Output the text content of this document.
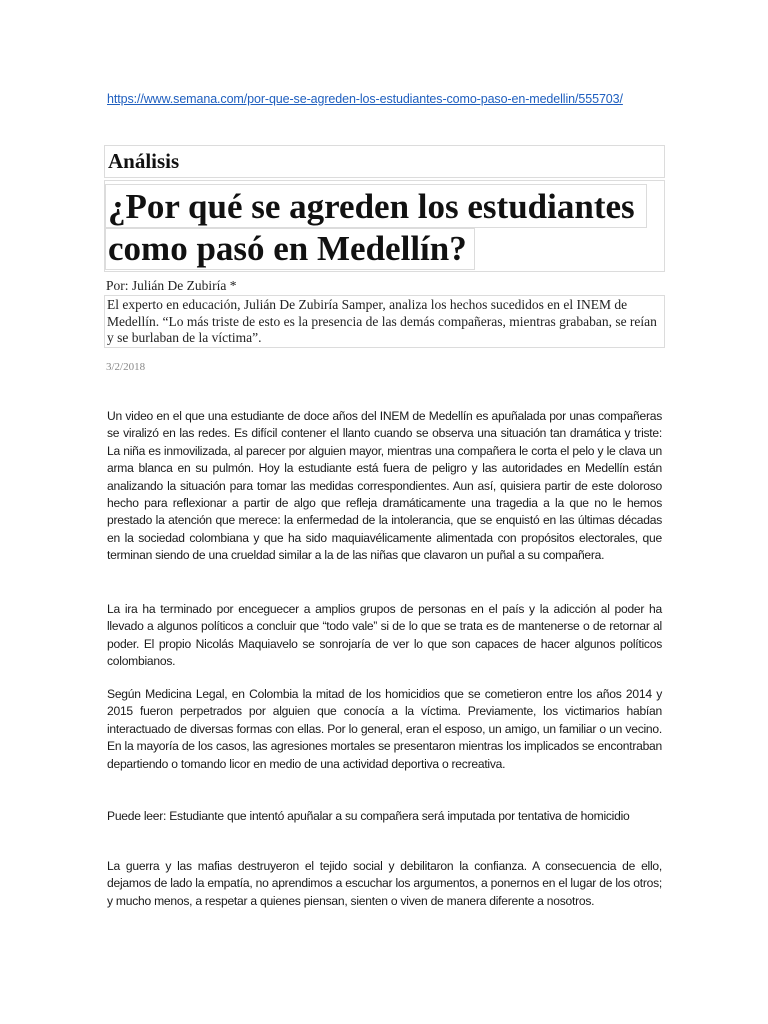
https://www.semana.com/por-que-se-agreden-los-estudiantes-como-paso-en-medellin/555703/
Análisis
¿Por qué se agreden los estudiantes como pasó en Medellín?
Por: Julián De Zubiría *

El experto en educación, Julián De Zubiría Samper, analiza los hechos sucedidos en el INEM de Medellín. “Lo más triste de esto es la presencia de las demás compañeras, mientras grababan, se reían y se burlaban de la víctima”.

3/2/2018

Un video en el que una estudiante de doce años del INEM de Medellín es apuñalada por unas compañeras se viralizó en las redes. Es difícil contener el llanto cuando se observa una situación tan dramática y triste: La niña es inmovilizada, al parecer por alguien mayor, mientras una compañera le corta el pelo y le clava un arma blanca en su pulmón. Hoy la estudiante está fuera de peligro y las autoridades en Medellín están analizando la situación para tomar las medidas correspondientes. Aun así, quisiera partir de este doloroso hecho para reflexionar a partir de algo que refleja dramáticamente una tragedia a la que no le hemos prestado la atención que merece: la enfermedad de la intolerancia, que se enquistó en las últimas décadas en la sociedad colombiana y que ha sido maquiavélicamente alimentada con propósitos electorales, que terminan siendo de una crueldad similar a la de las niñas que clavaron un puñal a su compañera.

La ira ha terminado por enceguecer a amplios grupos de personas en el país y la adicción al poder ha llevado a algunos políticos a concluir que “todo vale” si de lo que se trata es de mantenerse o de retornar al poder. El propio Nicolás Maquiavelo se sonrojaría de ver lo que son capaces de hacer algunos políticos colombianos.

Según Medicina Legal, en Colombia la mitad de los homicidios que se cometieron entre los años 2014 y 2015 fueron perpetrados por alguien que conocía a la víctima. Previamente, los victimarios habían interactuado de diversas formas con ellas. Por lo general, eran el esposo, un amigo, un familiar o un vecino. En la mayoría de los casos, las agresiones mortales se presentaron mientras los implicados se encontraban departiendo o tomando licor en medio de una actividad deportiva o recreativa.

Puede leer: Estudiante que intentó apuñalar a su compañera será imputada por tentativa de homicidio

La guerra y las mafias destruyeron el tejido social y debilitaron la confianza. A consecuencia de ello, dejamos de lado la empatía, no aprendimos a escuchar los argumentos, a ponernos en el lugar de los otros; y mucho menos, a respetar a quienes piensan, sienten o viven de manera diferente a nosotros.
